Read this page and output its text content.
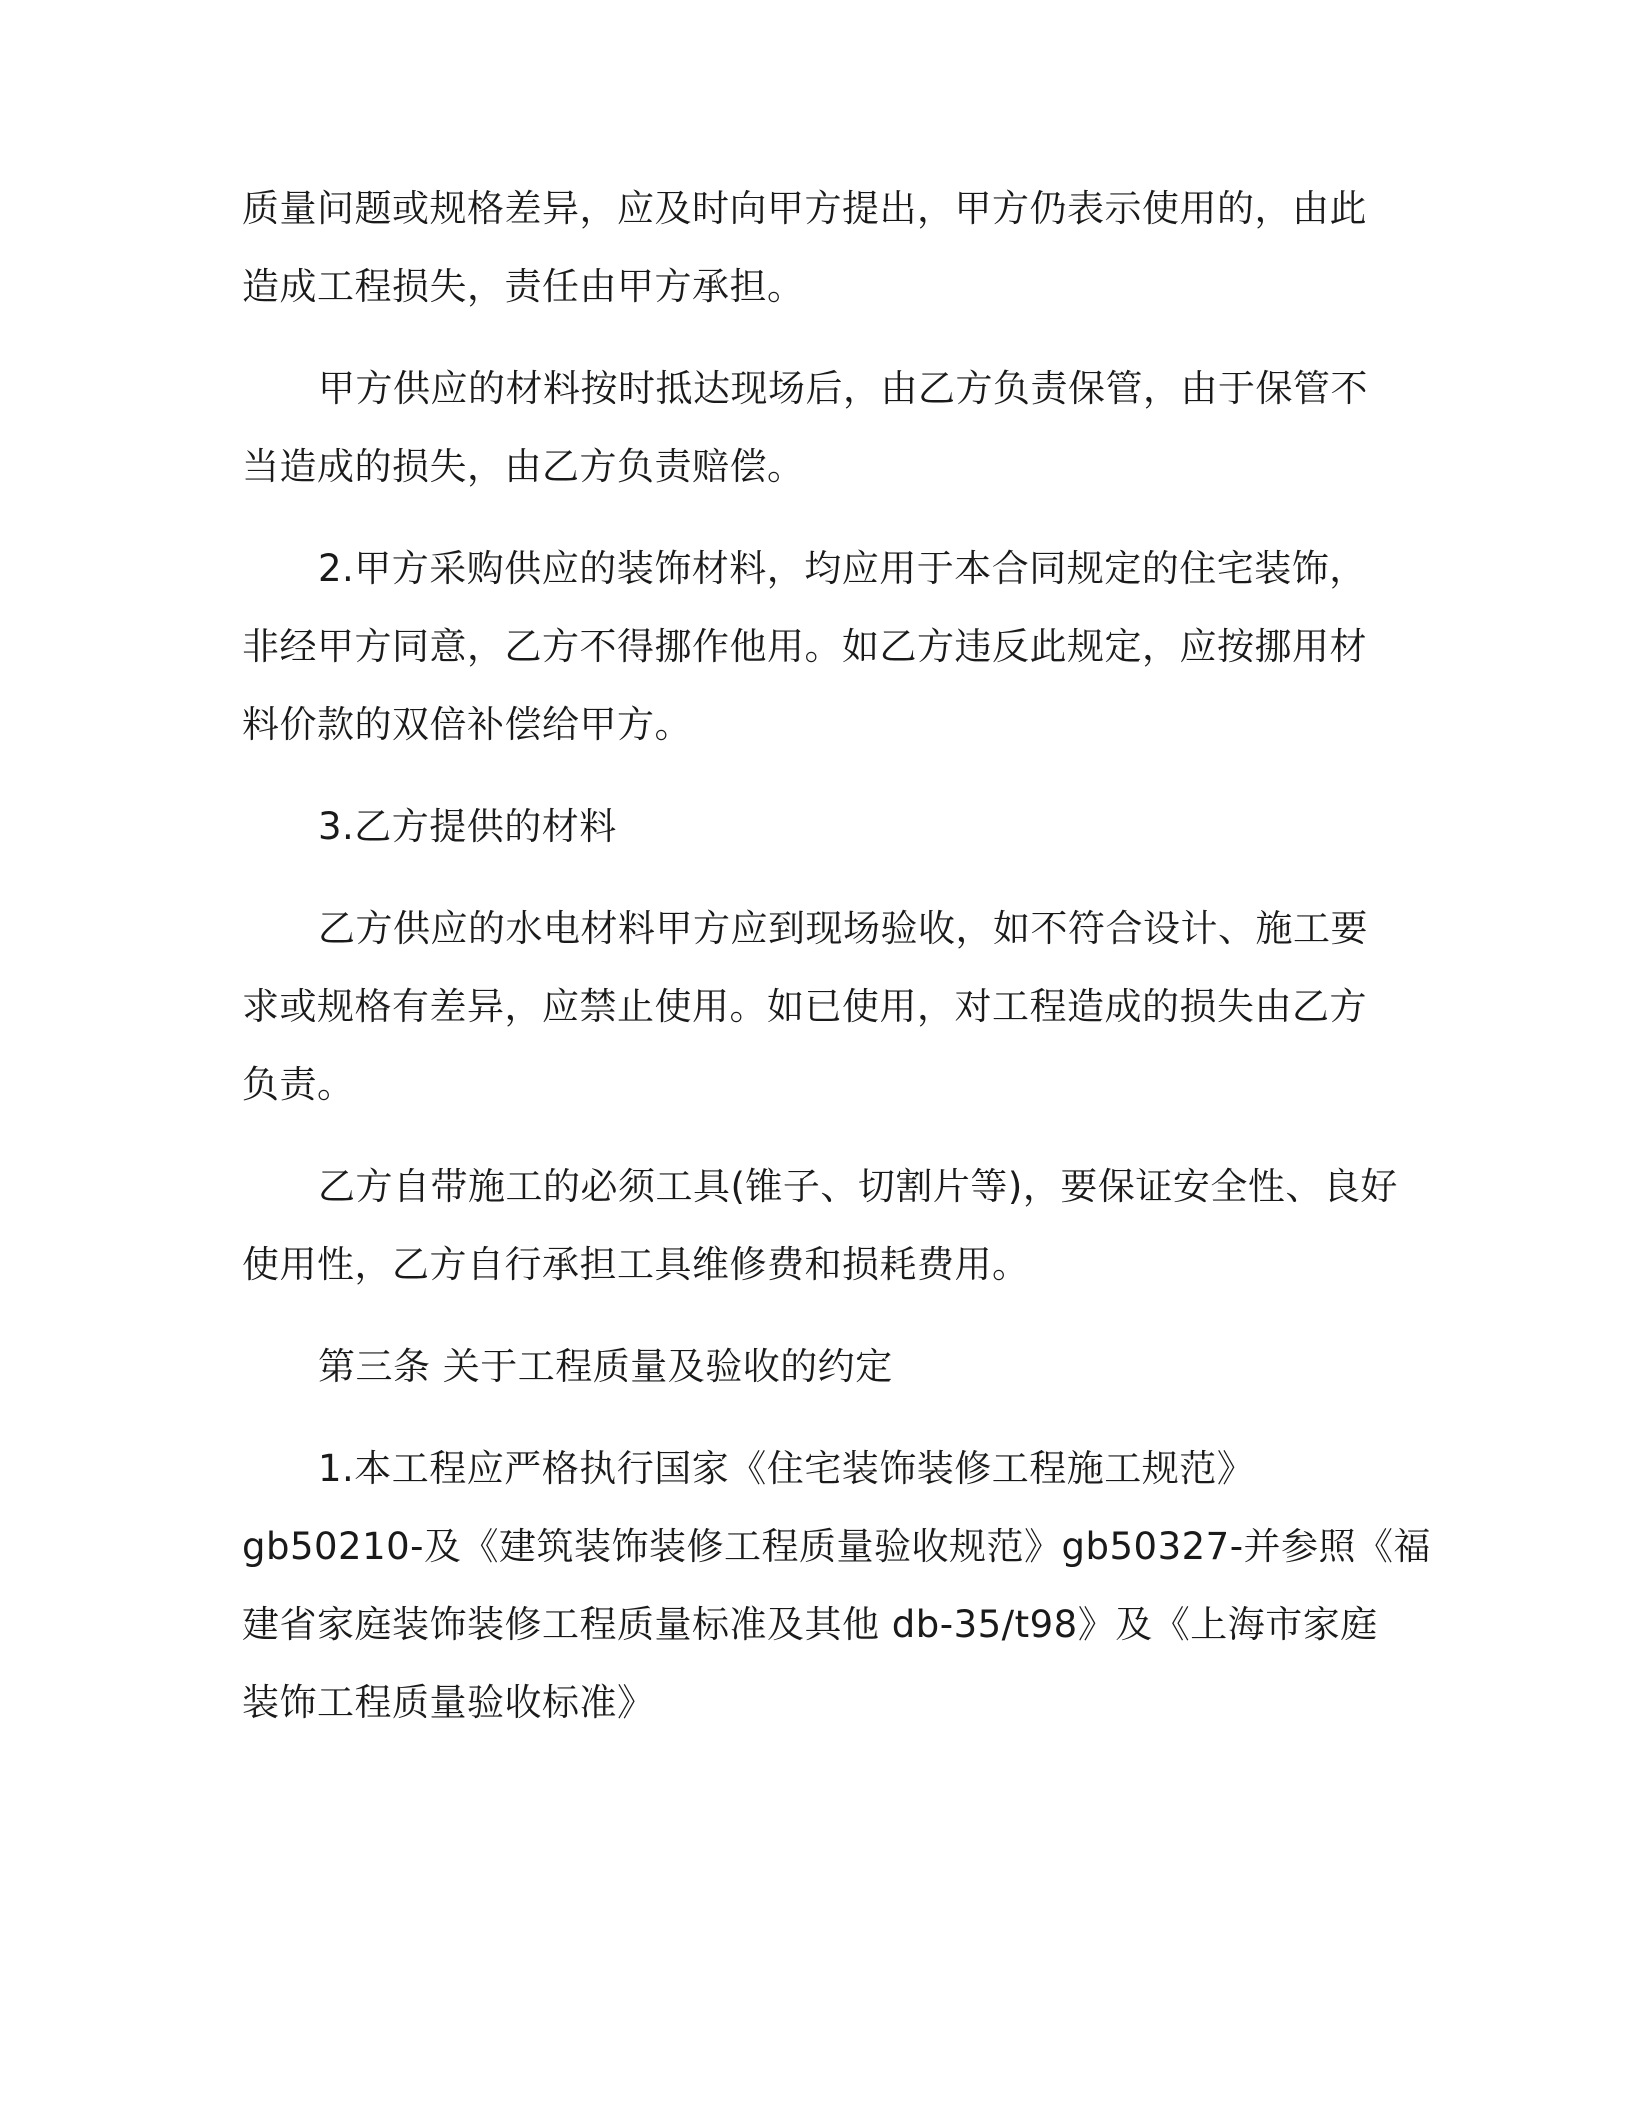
质量问题或规格差异，应及时向甲方提出，甲方仍表示使用的，由此
造成工程损失，责任由甲方承担。
甲方供应的材料按时抵达现场后，由乙方负责保管，由于保管不
当造成的损失，由乙方负责赔偿。
2.甲方采购供应的装饰材料，均应用于本合同规定的住宅装饰，
非经甲方同意，乙方不得挪作他用。如乙方违反此规定，应按挪用材
料价款的双倍补偿给甲方。
3.乙方提供的材料
乙方供应的水电材料甲方应到现场验收，如不符合设计、施工要
求或规格有差异，应禁止使用。如已使用，对工程造成的损失由乙方
负责。
乙方自带施工的必须工具(锥子、切割片等)，要保证安全性、良好
使用性，乙方自行承担工具维修费和损耗费用。
第三条 关于工程质量及验收的约定
1.本工程应严格执行国家《住宅装饰装修工程施工规范》
gb50210-及《建筑装饰装修工程质量验收规范》gb50327-并参照《福
建省家庭装饰装修工程质量标准及其他 db-35/t98》及《上海市家庭
装饰工程质量验收标准》
